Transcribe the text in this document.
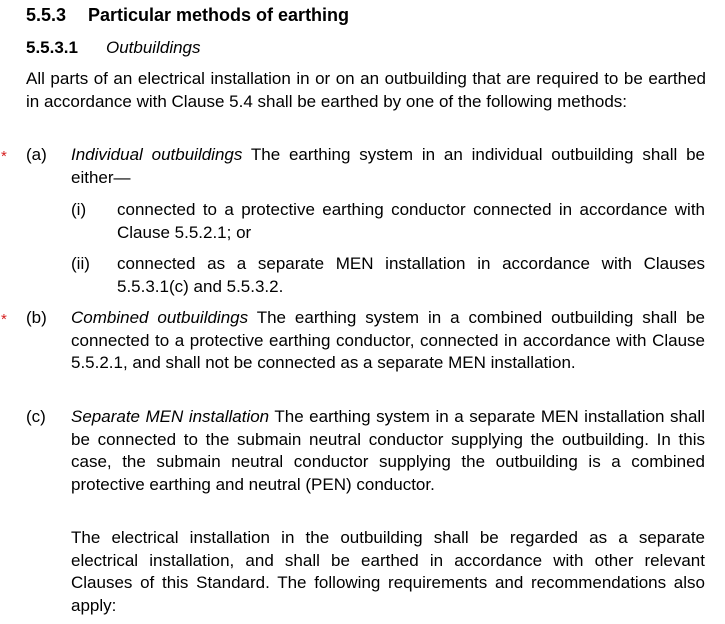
5.5.3 Particular methods of earthing
5.5.3.1 Outbuildings
All parts of an electrical installation in or on an outbuilding that are required to be earthed in accordance with Clause 5.4 shall be earthed by one of the following methods:
* (a) Individual outbuildings The earthing system in an individual outbuilding shall be either—
(i) connected to a protective earthing conductor connected in accordance with Clause 5.5.2.1; or
(ii) connected as a separate MEN installation in accordance with Clauses 5.5.3.1(c) and 5.5.3.2.
* (b) Combined outbuildings The earthing system in a combined outbuilding shall be connected to a protective earthing conductor, connected in accordance with Clause 5.5.2.1, and shall not be connected as a separate MEN installation.
(c) Separate MEN installation The earthing system in a separate MEN installation shall be connected to the submain neutral conductor supplying the outbuilding. In this case, the submain neutral conductor supplying the outbuilding is a combined protective earthing and neutral (PEN) conductor.
The electrical installation in the outbuilding shall be regarded as a separate electrical installation, and shall be earthed in accordance with other relevant Clauses of this Standard. The following requirements and recommendations also apply:
